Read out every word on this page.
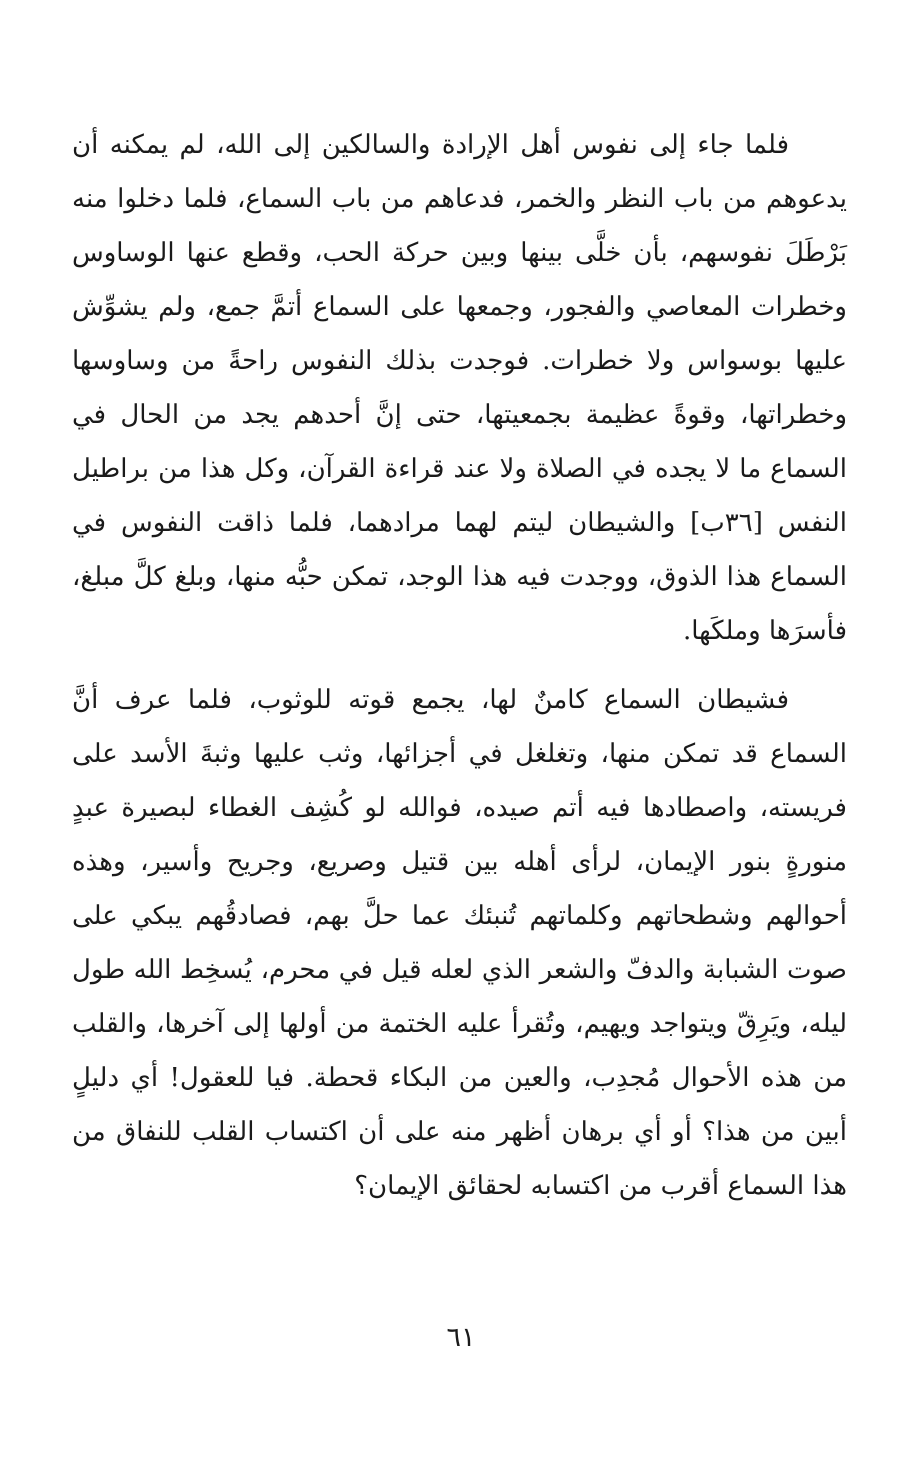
فلما جاء إلى نفوس أهل الإرادة والسالكين إلى الله، لم يمكنه أن يدعوهم من باب النظر والخمر، فدعاهم من باب السماع، فلما دخلوا منه بَرْطَلَ نفوسهم، بأن خلَّى بينها وبين حركة الحب، وقطع عنها الوساوس وخطرات المعاصي والفجور، وجمعها على السماع أتمَّ جمع، ولم يشوِّش عليها بوسواس ولا خطرات. فوجدت بذلك النفوس راحةً من وساوسها وخطراتها، وقوةً عظيمة بجمعيتها، حتى إنَّ أحدهم يجد من الحال في السماع ما لا يجده في الصلاة ولا عند قراءة القرآن، وكل هذا من براطيل النفس [٣٦ب] والشيطان ليتم لهما مرادهما، فلما ذاقت النفوس في السماع هذا الذوق، ووجدت فيه هذا الوجد، تمكن حبُّه منها، وبلغ كلَّ مبلغ، فأسرَها وملكَها.

فشيطان السماع كامنٌ لها، يجمع قوته للوثوب، فلما عرف أنَّ السماع قد تمكن منها، وتغلغل في أجزائها، وثب عليها وثبةَ الأسد على فريسته، واصطادها فيه أتم صيده، فوالله لو كُشِف الغطاء لبصيرة عبدٍ منورةٍ بنور الإيمان، لرأى أهله بين قتيل وصريع، وجريح وأسير، وهذه أحوالهم وشطحاتهم وكلماتهم تُنبئك عما حلَّ بهم، فصادقُهم يبكي على صوت الشبابة والدفّ والشعر الذي لعله قيل في محرم، يُسخِط الله طول ليله، ويَرِقّ ويتواجد ويهيم، وتُقرأ عليه الختمة من أولها إلى آخرها، والقلب من هذه الأحوال مُجدِب، والعين من البكاء قحطة. فيا للعقول! أي دليلٍ أبين من هذا؟ أو أي برهان أظهر منه على أن اكتساب القلب للنفاق من هذا السماع أقرب من اكتسابه لحقائق الإيمان؟

٦١
